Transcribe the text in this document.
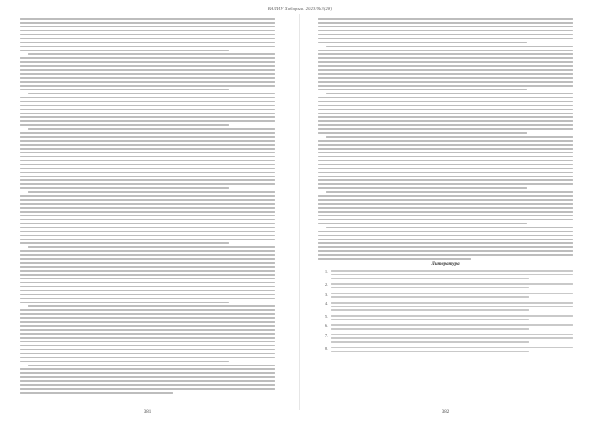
ВАЛИУ Хабарыя. 2023/№3(28)
381
Литература
1.
2.
3.
4.
5.
6.
7.
8.
382
